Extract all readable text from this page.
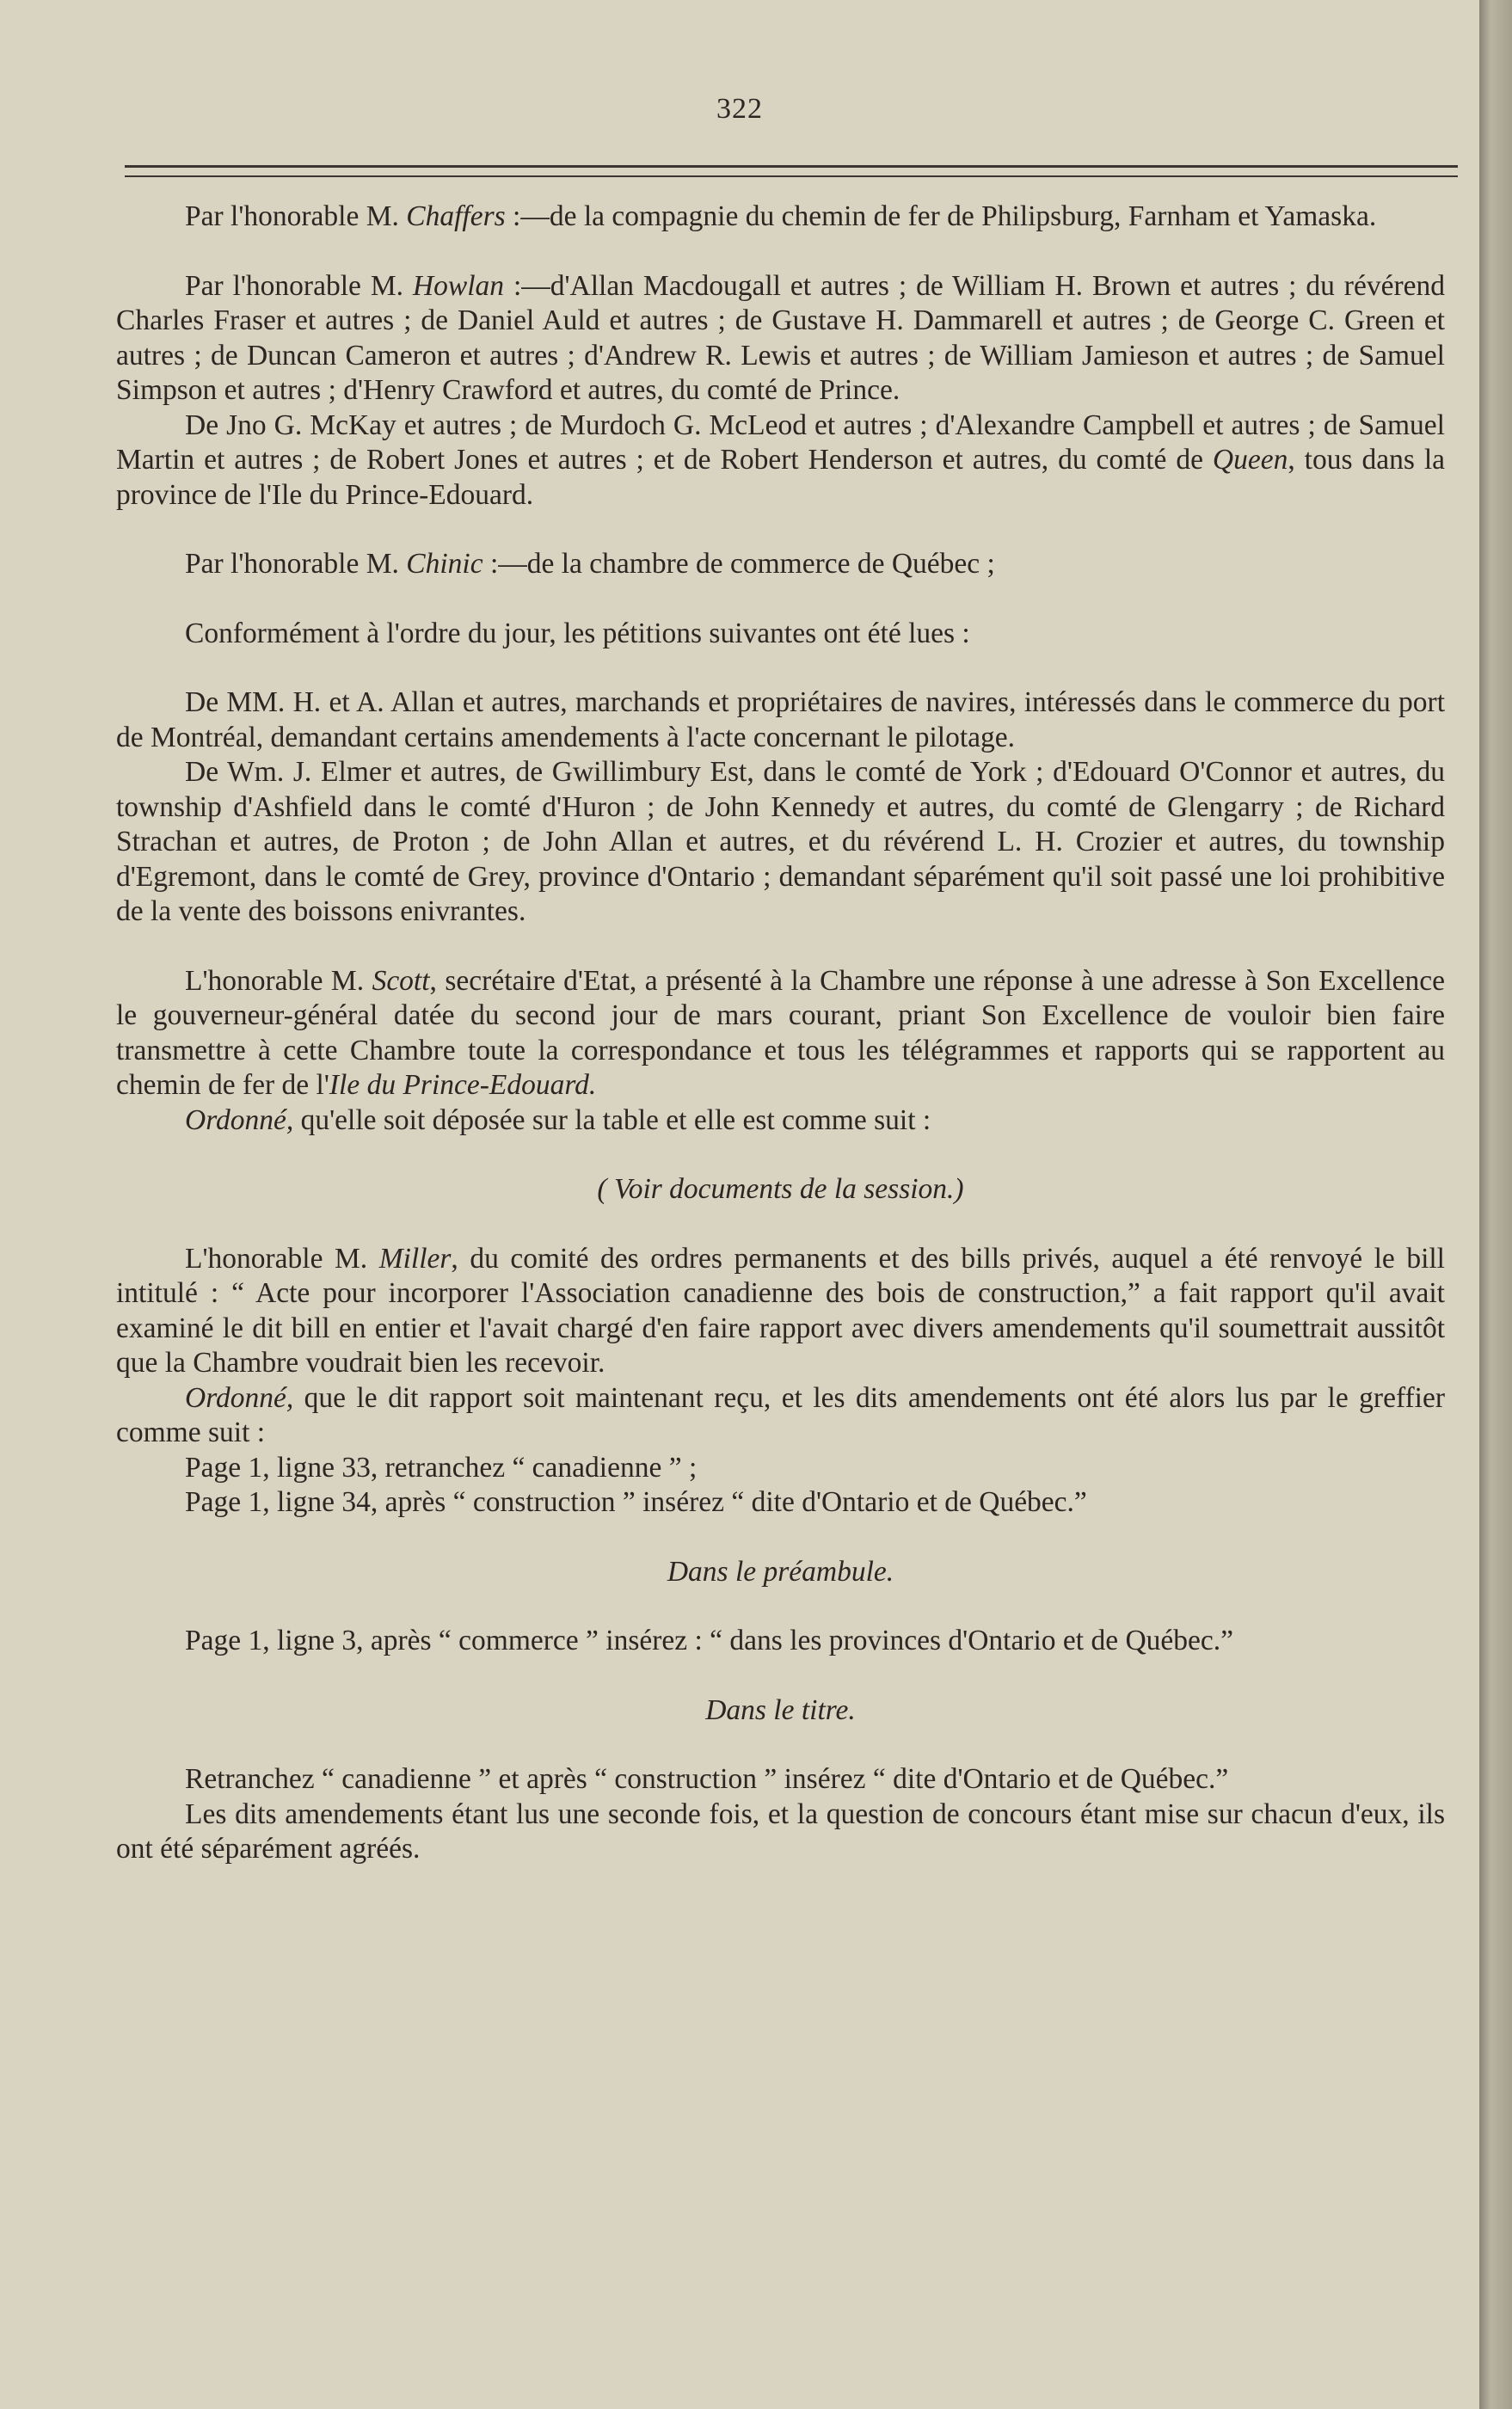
322

Par l'honorable M. Chaffers :—de la compagnie du chemin de fer de Philipsburg, Farnham et Yamaska.

Par l'honorable M. Howlan :—d'Allan Macdougall et autres ; de William H. Brown et autres ; du révérend Charles Fraser et autres ; de Daniel Auld et autres ; de Gustave H. Dammarell et autres ; de George C. Green et autres ; de Duncan Cameron et autres ; d'Andrew R. Lewis et autres ; de William Jamieson et autres ; de Samuel Simpson et autres ; d'Henry Crawford et autres, du comté de Prince.

De Jno G. McKay et autres ; de Murdoch G. McLeod et autres ; d'Alexandre Campbell et autres ; de Samuel Martin et autres ; de Robert Jones et autres ; et de Robert Henderson et autres, du comté de Queen, tous dans la province de l'Ile du Prince-Edouard.

Par l'honorable M. Chinic :—de la chambre de commerce de Québec ;

Conformément à l'ordre du jour, les pétitions suivantes ont été lues :

De MM. H. et A. Allan et autres, marchands et propriétaires de navires, intéressés dans le commerce du port de Montréal, demandant certains amendements à l'acte concernant le pilotage.

De Wm. J. Elmer et autres, de Gwillimbury Est, dans le comté de York ; d'Edouard O'Connor et autres, du township d'Ashfield dans le comté d'Huron ; de John Kennedy et autres, du comté de Glengarry ; de Richard Strachan et autres, de Proton ; de John Allan et autres, et du révérend L. H. Crozier et autres, du township d'Egremont, dans le comté de Grey, province d'Ontario ; demandant séparément qu'il soit passé une loi prohibitive de la vente des boissons enivrantes.

L'honorable M. Scott, secrétaire d'Etat, a présenté à la Chambre une réponse à une adresse à Son Excellence le gouverneur-général datée du second jour de mars courant, priant Son Excellence de vouloir bien faire transmettre à cette Chambre toute la correspondance et tous les télégrammes et rapports qui se rapportent au chemin de fer de l'Ile du Prince-Edouard.

Ordonné, qu'elle soit déposée sur la table et elle est comme suit :

( Voir documents de la session.)

L'honorable M. Miller, du comité des ordres permanents et des bills privés, auquel a été renvoyé le bill intitulé : “ Acte pour incorporer l'Association canadienne des bois de construction,” a fait rapport qu'il avait examiné le dit bill en entier et l'avait chargé d'en faire rapport avec divers amendements qu'il soumettrait aussitôt que la Chambre voudrait bien les recevoir.

Ordonné, que le dit rapport soit maintenant reçu, et les dits amendements ont été alors lus par le greffier comme suit :

Page 1, ligne 33, retranchez “ canadienne ” ;

Page 1, ligne 34, après “ construction ” insérez “ dite d'Ontario et de Québec.”

Dans le préambule.

Page 1, ligne 3, après “ commerce ” insérez : “ dans les provinces d'Ontario et de Québec.”

Dans le titre.

Retranchez “ canadienne ” et après “ construction ” insérez “ dite d'Ontario et de Québec.”

Les dits amendements étant lus une seconde fois, et la question de concours étant mise sur chacun d'eux, ils ont été séparément agréés.
